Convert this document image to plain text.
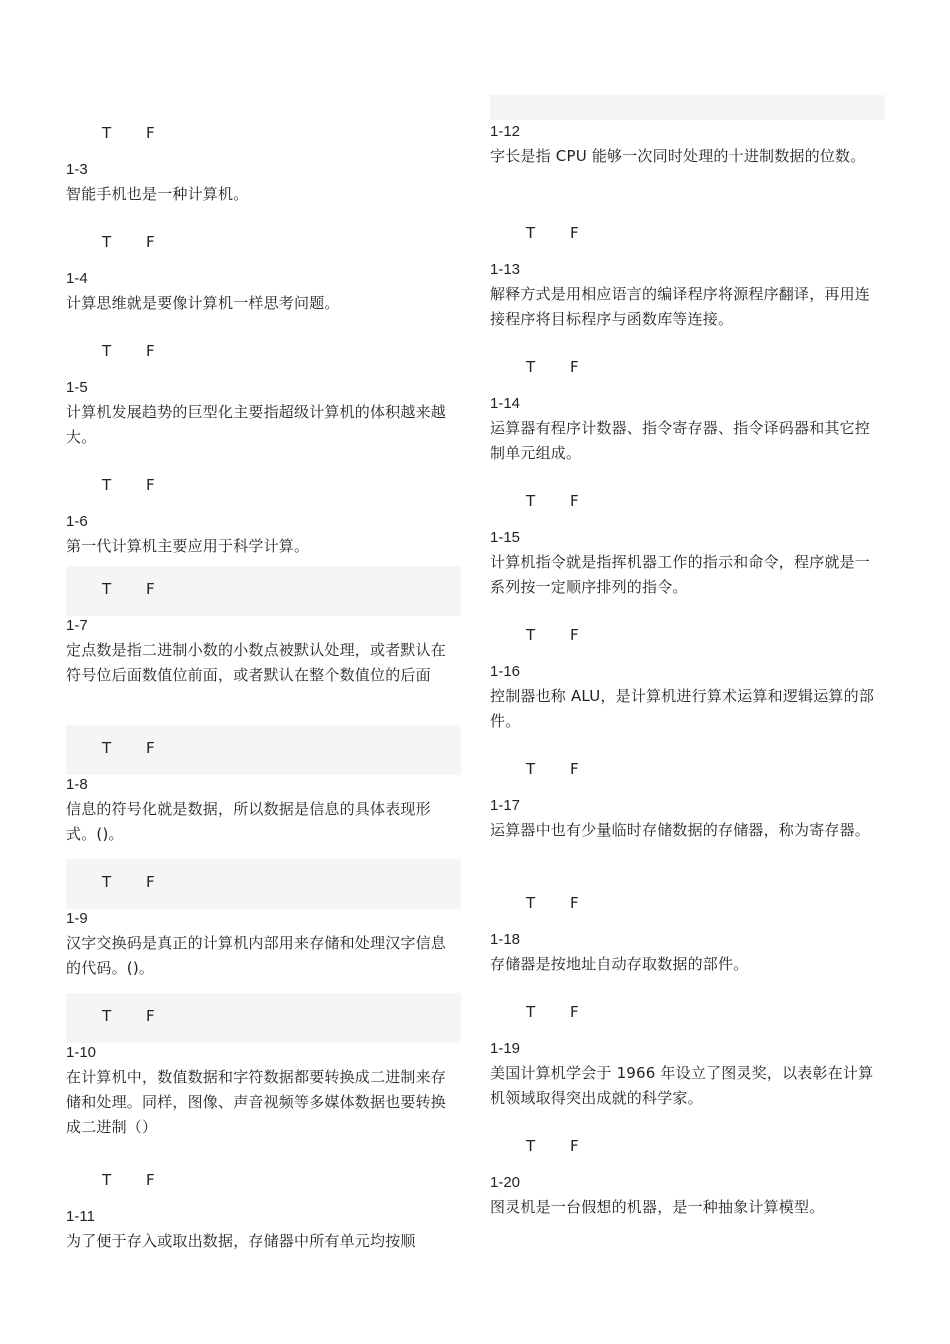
T F
1-3
智能手机也是一种计算机。
T F
1-4
计算思维就是要像计算机一样思考问题。
T F
1-5
计算机发展趋势的巨型化主要指超级计算机的体积越来越大。
T F
1-6
第一代计算机主要应用于科学计算。
T F
1-7
定点数是指二进制小数的小数点被默认处理，或者默认在符号位后面数值位前面，或者默认在整个数值位的后面
T F
1-8
信息的符号化就是数据，所以数据是信息的具体表现形式。()。
T F
1-9
汉字交换码是真正的计算机内部用来存储和处理汉字信息的代码。()。
T F
1-10
在计算机中，数值数据和字符数据都要转换成二进制来存储和处理。同样，图像、声音视频等多媒体数据也要转换成二进制（）
T F
1-11
为了便于存入或取出数据，存储器中所有单元均按顺
1-12
字长是指 CPU 能够一次同时处理的十进制数据的位数。
T F
1-13
解释方式是用相应语言的编译程序将源程序翻译，再用连接程序将目标程序与函数库等连接。
T F
1-14
运算器有程序计数器、指令寄存器、指令译码器和其它控制单元组成。
T F
1-15
计算机指令就是指挥机器工作的指示和命令，程序就是一系列按一定顺序排列的指令。
T F
1-16
控制器也称 ALU，是计算机进行算术运算和逻辑运算的部件。
T F
1-17
运算器中也有少量临时存储数据的存储器，称为寄存器。
T F
1-18
存储器是按地址自动存取数据的部件。
T F
1-19
美国计算机学会于 1966 年设立了图灵奖，以表彰在计算机领域取得突出成就的科学家。
T F
1-20
图灵机是一台假想的机器，是一种抽象计算模型。
